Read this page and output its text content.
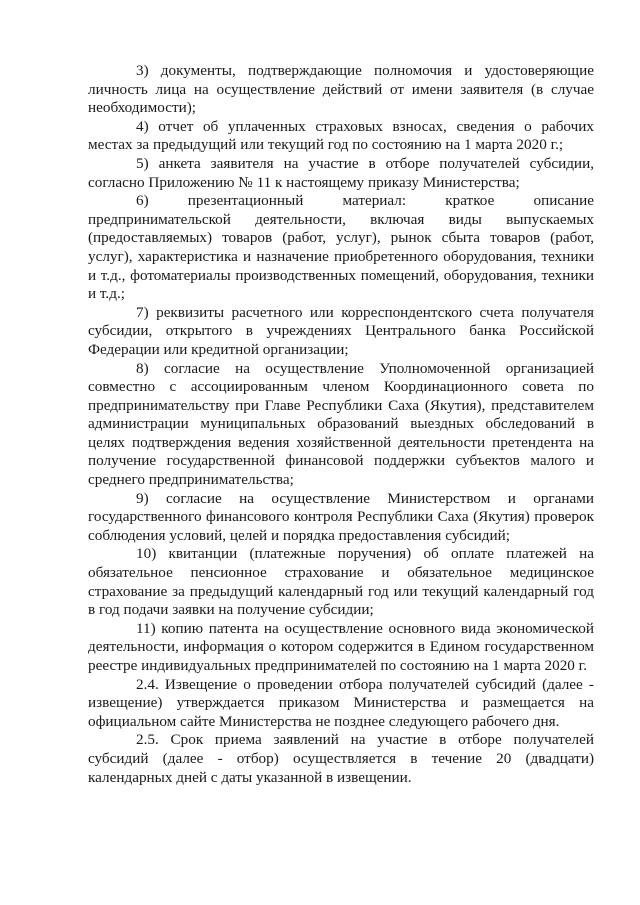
3) документы, подтверждающие полномочия и удостоверяющие личность лица на осуществление действий от имени заявителя (в случае необходимости);

4) отчет об уплаченных страховых взносах, сведения о рабочих местах за предыдущий или текущий год по состоянию на 1 марта 2020 г.;

5) анкета заявителя на участие в отборе получателей субсидии, согласно Приложению № 11 к настоящему приказу Министерства;

6) презентационный материал: краткое описание предпринимательской деятельности, включая виды выпускаемых (предоставляемых) товаров (работ, услуг), рынок сбыта товаров (работ, услуг), характеристика и назначение приобретенного оборудования, техники и т.д., фотоматериалы производственных помещений, оборудования, техники и т.д.;

7) реквизиты расчетного или корреспондентского счета получателя субсидии, открытого в учреждениях Центрального банка Российской Федерации или кредитной организации;

8) согласие на осуществление Уполномоченной организацией совместно с ассоциированным членом Координационного совета по предпринимательству при Главе Республики Саха (Якутия), представителем администрации муниципальных образований выездных обследований в целях подтверждения ведения хозяйственной деятельности претендента на получение государственной финансовой поддержки субъектов малого и среднего предпринимательства;

9) согласие на осуществление Министерством и органами государственного финансового контроля Республики Саха (Якутия) проверок соблюдения условий, целей и порядка предоставления субсидий;

10) квитанции (платежные поручения) об оплате платежей на обязательное пенсионное страхование и обязательное медицинское страхование за предыдущий календарный год или текущий календарный год в год подачи заявки на получение субсидии;

11) копию патента на осуществление основного вида экономической деятельности, информация о котором содержится в Едином государственном реестре индивидуальных предпринимателей по состоянию на 1 марта 2020 г.

2.4. Извещение о проведении отбора получателей субсидий (далее - извещение) утверждается приказом Министерства и размещается на официальном сайте Министерства не позднее следующего рабочего дня.

2.5. Срок приема заявлений на участие в отборе получателей субсидий (далее - отбор) осуществляется в течение 20 (двадцати) календарных дней с даты указанной в извещении.
